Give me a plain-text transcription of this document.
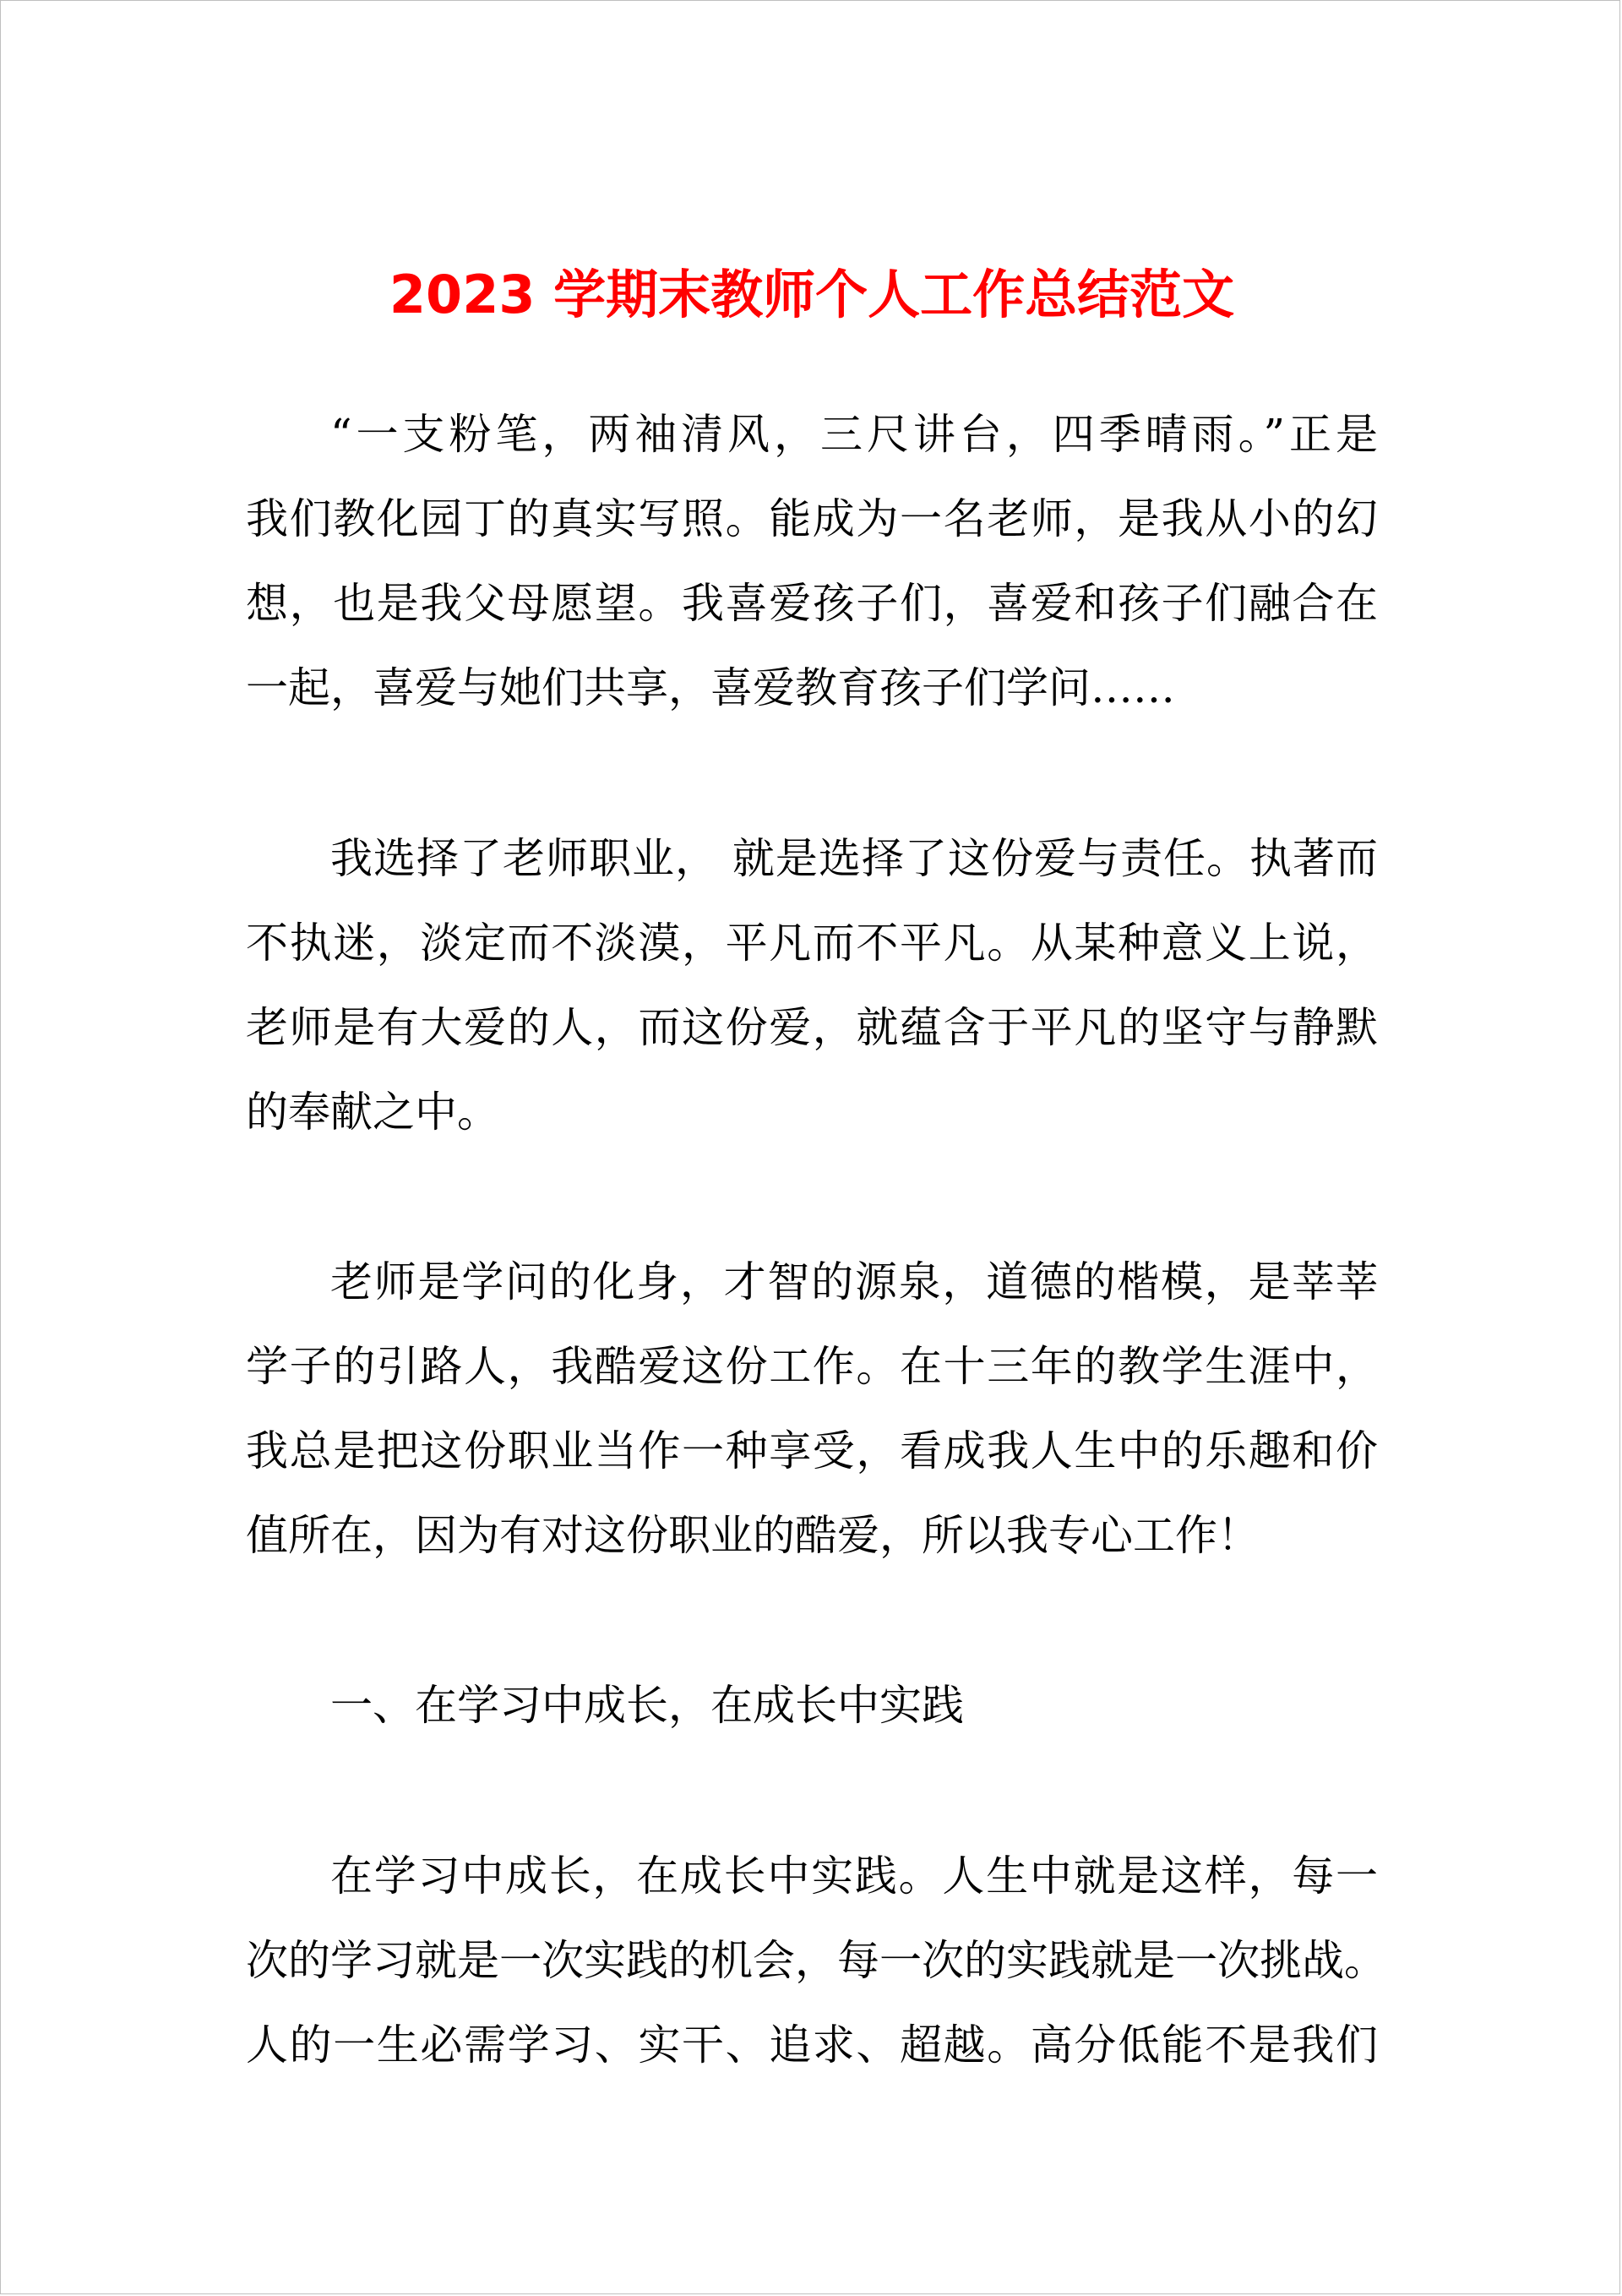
2023 学期末教师个人工作总结范文

“一支粉笔，两袖清风，三尺讲台，四季晴雨。”正是
我们教化园丁的真实写照。能成为一名老师，是我从小的幻
想，也是我父母愿望。我喜爱孩子们，喜爱和孩子们融合在
一起，喜爱与她们共享，喜爱教育孩子们学问……

我选择了老师职业， 就是选择了这份爱与责任。执著而
不执迷，淡定而不淡漠，平凡而不平凡。从某种意义上说，
老师是有大爱的人，而这份爱，就蕴含于平凡的坚守与静默
的奉献之中。

老师是学问的化身，才智的源泉，道德的楷模，是莘莘
学子的引路人，我酷爱这份工作。在十三年的教学生涯中，
我总是把这份职业当作一种享受，看成我人生中的乐趣和价
值所在，因为有对这份职业的酷爱，所以我专心工作！

一、在学习中成长，在成长中实践

在学习中成长，在成长中实践。人生中就是这样，每一
次的学习就是一次实践的机会，每一次的实践就是一次挑战。
人的一生必需学习、实干、追求、超越。高分低能不是我们
